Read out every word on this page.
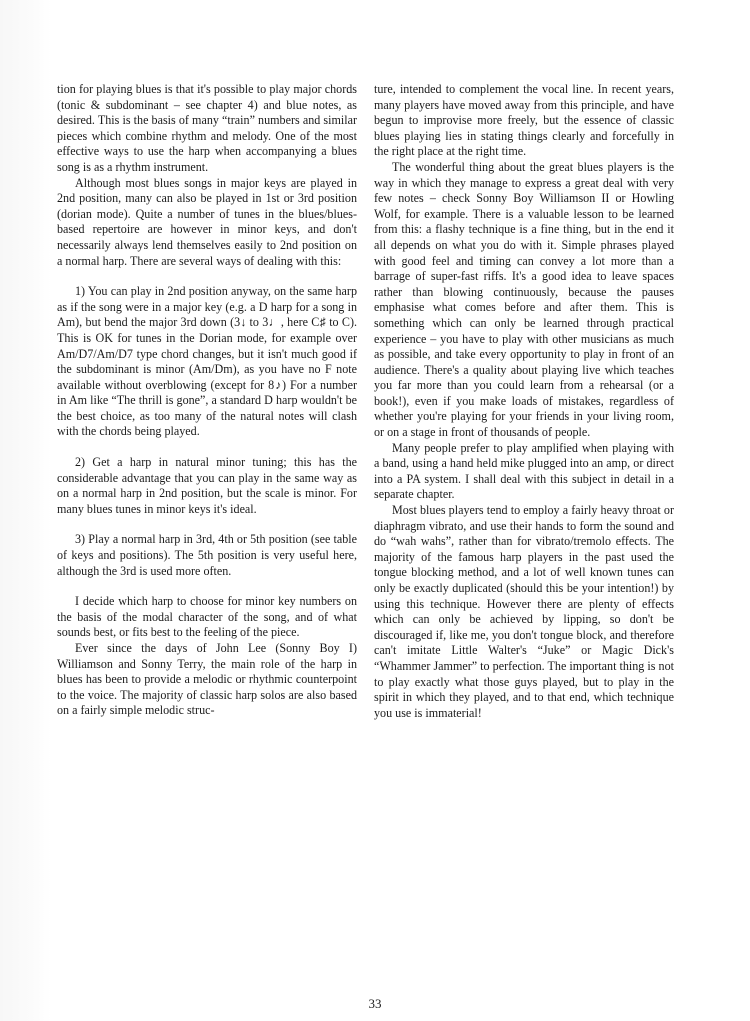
tion for playing blues is that it's possible to play major chords (tonic & subdominant – see chapter 4) and blue notes, as desired. This is the basis of many “train” numbers and similar pieces which combine rhythm and melody. One of the most effective ways to use the harp when accompanying a blues song is as a rhythm instrument.

Although most blues songs in major keys are played in 2nd position, many can also be played in 1st or 3rd position (dorian mode). Quite a number of tunes in the blues/blues-based repertoire are however in minor keys, and don't necessarily always lend themselves easily to 2nd position on a normal harp. There are several ways of dealing with this:

1) You can play in 2nd position anyway, on the same harp as if the song were in a major key (e.g. a D harp for a song in Am), but bend the major 3rd down (3↓ to 3♩, here C♯ to C). This is OK for tunes in the Dorian mode, for example over Am/D7/Am/D7 type chord changes, but it isn't much good if the subdominant is minor (Am/Dm), as you have no F note available without overblowing (except for 8♪) For a number in Am like “The thrill is gone”, a standard D harp wouldn't be the best choice, as too many of the natural notes will clash with the chords being played.

2) Get a harp in natural minor tuning; this has the considerable advantage that you can play in the same way as on a normal harp in 2nd position, but the scale is minor. For many blues tunes in minor keys it's ideal.

3) Play a normal harp in 3rd, 4th or 5th position (see table of keys and positions). The 5th position is very useful here, although the 3rd is used more often.

I decide which harp to choose for minor key numbers on the basis of the modal character of the song, and of what sounds best, or fits best to the feeling of the piece.

Ever since the days of John Lee (Sonny Boy I) Williamson and Sonny Terry, the main role of the harp in blues has been to provide a melodic or rhythmic counterpoint to the voice. The majority of classic harp solos are also based on a fairly simple melodic struc-

ture, intended to complement the vocal line. In recent years, many players have moved away from this principle, and have begun to improvise more freely, but the essence of classic blues playing lies in stating things clearly and forcefully in the right place at the right time.

The wonderful thing about the great blues players is the way in which they manage to express a great deal with very few notes – check Sonny Boy Williamson II or Howling Wolf, for example. There is a valuable lesson to be learned from this: a flashy technique is a fine thing, but in the end it all depends on what you do with it. Simple phrases played with good feel and timing can convey a lot more than a barrage of super-fast riffs. It's a good idea to leave spaces rather than blowing continuously, because the pauses emphasise what comes before and after them. This is something which can only be learned through practical experience – you have to play with other musicians as much as possible, and take every opportunity to play in front of an audience. There's a quality about playing live which teaches you far more than you could learn from a rehearsal (or a book!), even if you make loads of mistakes, regardless of whether you're playing for your friends in your living room, or on a stage in front of thousands of people.

Many people prefer to play amplified when playing with a band, using a hand held mike plugged into an amp, or direct into a PA system. I shall deal with this subject in detail in a separate chapter.

Most blues players tend to employ a fairly heavy throat or diaphragm vibrato, and use their hands to form the sound and do “wah wahs”, rather than for vibrato/tremolo effects. The majority of the famous harp players in the past used the tongue blocking method, and a lot of well known tunes can only be exactly duplicated (should this be your intention!) by using this technique. However there are plenty of effects which can only be achieved by lipping, so don't be discouraged if, like me, you don't tongue block, and therefore can't imitate Little Walter's “Juke” or Magic Dick's “Whammer Jammer” to perfection. The important thing is not to play exactly what those guys played, but to play in the spirit in which they played, and to that end, which technique you use is immaterial!

33
